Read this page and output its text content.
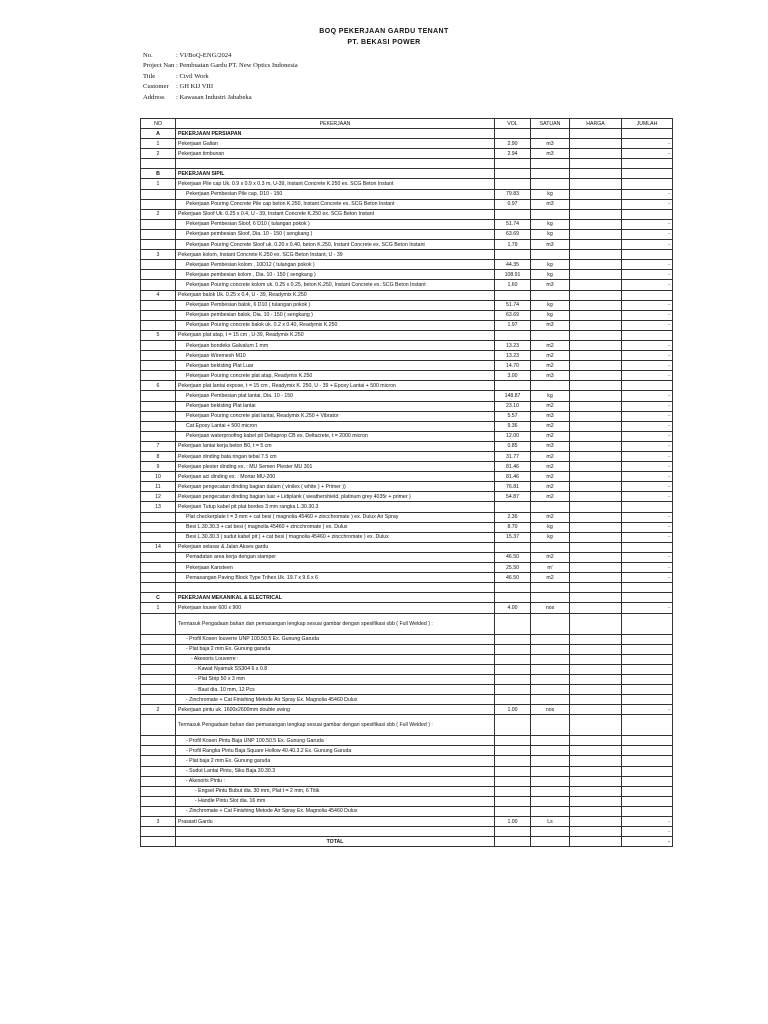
BOQ PEKERJAAN GARDU TENANT
PT. BEKASI POWER
No.	: VI/BoQ-ENG/2024
Project Nan : Pembuatan Gardu PT. New Optics Indonesia
Title	: Civil Work
Customer : GH KIJ VIII
Address : Kawasan Industri Jababeka
NO	PEKERJAAN	VOL	SATUAN	HARGA	JUMLAH
A	PEKERJAAN PERSIAPAN				
1	Pekerjaan Galian	2.90	m3		-
2	Pekerjaan timbunan	2.94	m3		-

B	PEKERJAAN SIPIL				
1	Pekerjaan Pile cap Uk. 0.9 x 0.9 x 0.3 m, U-39, Instant Concrete K.250 ex. SCG Beton Instant				
	Pekerjaan Pembesian Pile cap, D10 - 150	79.83	kg		-
	Pekerjaan Pouring Concrete Pile cap beton K.250, Instant Concrete ex. SCG Beton Instant	0.97	m3		-
2	Pekerjaan Sloof Uk. 0.25 x 0.4, U - 39, Instant Concrete K.250 ex. SCG Beton Instant				
	Pekerjaan Pembesian Sloof, 6 D10 ( tulangan pokok )	51.74	kg		-
	Pekerjaan pembesian Sloof, Dia. 10 - 150 ( sengkang )	63.69	kg		-
	Pekerjaan Pouring Concrete Sloof uk. 0.20 x 0.40, beton K.250, Instant Concrete ex. SCG Beton Instant	1.79	m3		-
3	Pekerjaan kolom, Instant Concrete K.250 ex. SCG Beton Instant, U - 39				
	Pekerjaan Pembesian kolom , 10D12 ( tulangan pokok )	44.35	kg		-
	Pekerjaan pembesian kolom , Dia. 10 - 150 ( sengkang )	108.91	kg		-
	Pekerjaan Pouring concrete kolom uk. 0.25 x 0.25, beton K.250, Instant Concrete ex. SCG Beton Instant	1.60	m3		-
4	Pekerjaan balok Uk. 0.25 x 0.4, U - 39, Readymix K.250				
	Pekerjaan Pembesian balok, 6 D10 ( tulangan pokok )	51.74	kg		-
	Pekerjaan pembesian balok, Dia. 10 - 150 ( sengkang )	63.69	kg		-
	Pekerjaan Pouring concrete balok uk. 0.2 x 0.40, Readymix K.250	1.97	m3		-
5	Pekerjaan plat atap, t = 15 cm , U-39, Readymix K.250				
	Pekerjaan bondeks Galvalum 1 mm	13.23	m2		-
	Pekerjaan Wiremesh M10	13.23	m2		-
	Pekerjaan bekisting Plat Luar	14.70	m2		-
	Pekerjaan Pouring concrete plat atap, Readymix K.250	3.00	m3		-
6	Pekerjaan plat lantai expose, t = 15 cm , Readymix K. 250, U - 39 + Epoxy Lantai + 500 micron				
	Pekerjaan Pembesian plat lantai, Dia. 10 - 150	148.87	kg		-
	Pekerjaan bekisting Plat lantai	23.10	m2		-
	Pekerjaan Pouring concrete plat lantai, Readymix K.250 + Vibrator	5.57	m3		-
	Cat Epoxy Lantai + 500 micron	9.36	m2		-
	Pekerjaan waterproofing kabel pit Deltaprop CB ex. Deltacrete, t = 2000 micron	12.00	m2		-
7	Pekerjaan lantai kerja beton B0, t = 5 cm	0.85	m3		-
8	Pekerjaan dinding bata ringan tebal 7.5 cm	31.77	m2		-
9	Pekerjaan plester dinding ex. : MU Semen Plester MU 301	81.46	m2		-
10	Pekerjaan aci dinding ex. : Mortar MU-200	81.46	m2		-
11	Pekerjaan pengecatan dinding bagian dalam ( vinilex ( white ) + Primer ))	76.81	m2		-
12	Pekerjaan pengecatan dinding bagian luar + Lidiplank ( weathershield, platinum grey 4035r + primer )	54.87	m2		-
13	Pekerjaan Tutup kabel pit plat bordes 3 mm rangka L.30.30.3				
	Plat checkerplate t = 3 mm + cat besi ( magnolia 45460 + zincchromate ) ex. Dulux Air Spray	2.36	m2		-
	Besi L.30.30.3 + cat besi ( magnolia 45460 + zincchromate ) ex. Dulux	8.70	kg		-
	Besi L.30.30.3 ( sudut kabel pit ) + cat besi ( magnolia 45460 + zincchromate ) ex. Dulux	15.37	kg		-
14	Pekerjaan selasar & Jalan Akses gardu				
	Pemadatan area kerja dengan stamper	46.50	m2		-
	Pekerjaan Kansteen	25.50	m'		-
	Pemasangan Paving Block Type Trihex Uk. 19.7 x 9.6 x 6	46.50	m2		-

C	PEKERJAAN MEKANIKAL & ELECTRICAL				
1	Pekerjaan louver 600 x 900	4.00	nos		-
	Termasuk Pengadaan bahan dan pemasangan lengkap sesuai gambar dengan spesifikasi sbb ( Full Welded ) :				
	- Profil Kosen louverre UNP 100.50.5 Ex. Gunung Garuda				
	- Plat baja 2 mm Ex. Gunung garuda				
	- Akesoris Louverre :				
	- Kawat Nyamuk SS304 6 x 0.8				
	- Plat Strip 50 x 3 mm				
	- Baut dia. 10 mm, 12 Pcs				
	- Zinchromate + Cat Finishing Metode Air Spray Ex. Magnolia 45460 Dulux				
2	Pekerjaan pintu uk. 1600x2600mm double swing	1.00	nos		-
	Termasuk Pengadaan bahan dan pemasangan lengkap sesuai gambar dengan spesifikasi sbb ( Full Welded ) :				
	- Profil Kosen Pintu Baja UNP 100.50.5 Ex. Gunung Garuda				
	- Profil Rangka Pintu Baja Square Hollow 40.40.3.2 Ex. Gunung Garuda				
	- Plat baja 2 mm Ex. Gunung garuda				
	- Sudut Lantai Pintu, Siku Baja 30.30.3				
	- Akesoris Pintu :				
	- Engsel Pintu Bubut dia. 30 mm, Plat t = 2 mm, 6 Titik				
	- Handle Pintu Slot dia. 16 mm				
	- Zinchromate + Cat Finishing Metode Air Spray Ex. Magnolia 45460 Dulux				
3	Prasasti Gardu	1.00	Ls		-
					-
	TOTAL				-
